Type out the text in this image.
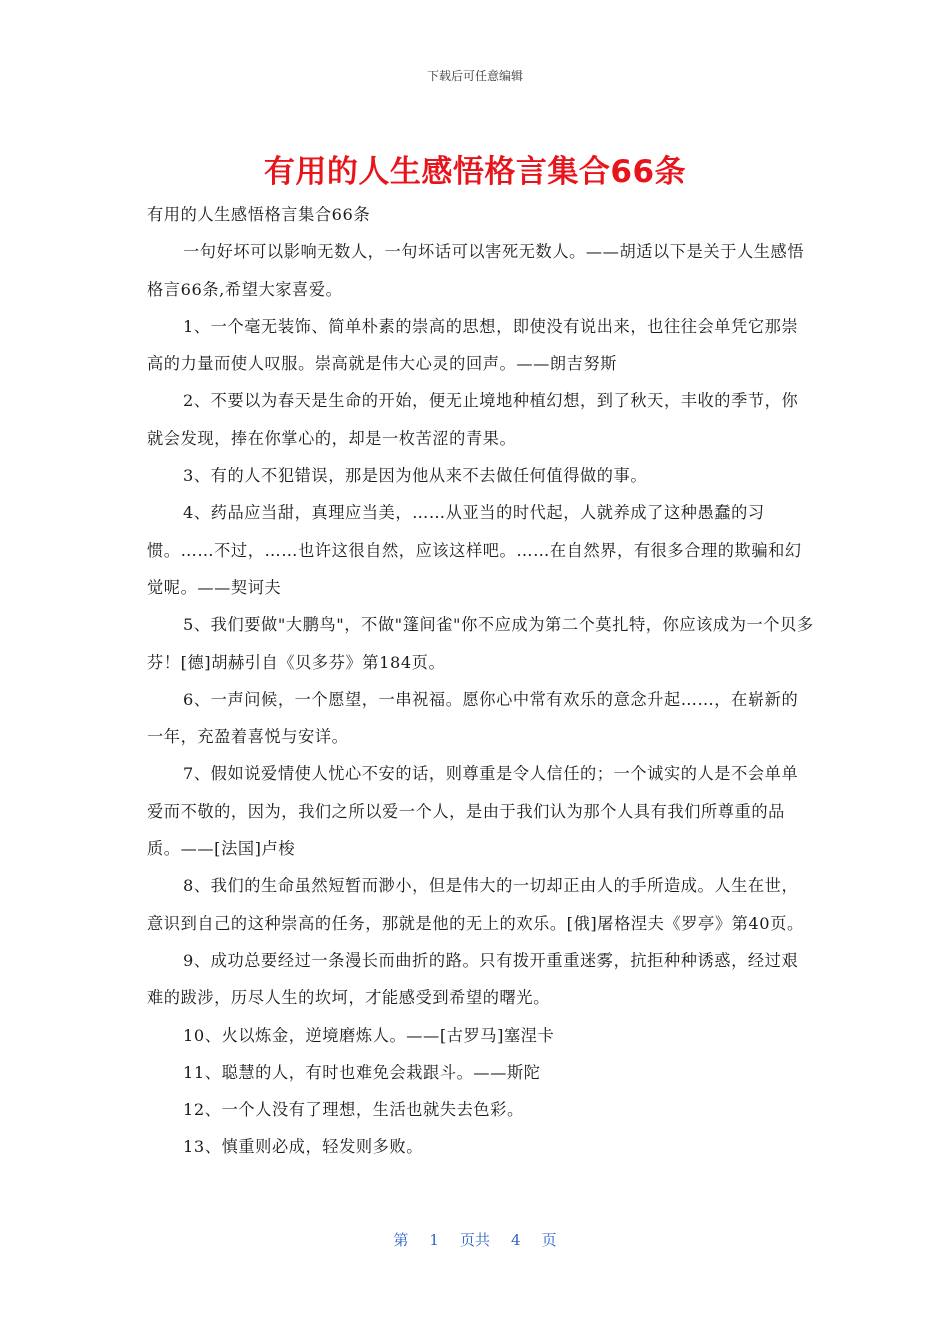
下载后可任意编辑
有用的人生感悟格言集合66条

有用的人生感悟格言集合66条

一句好坏可以影响无数人，一句坏话可以害死无数人。——胡适以下是关于人生感悟格言66条,希望大家喜爱。

1、一个毫无装饰、简单朴素的崇高的思想，即使没有说出来，也往往会单凭它那崇高的力量而使人叹服。崇高就是伟大心灵的回声。——朗吉努斯

2、不要以为春天是生命的开始，便无止境地种植幻想，到了秋天，丰收的季节，你就会发现，捧在你掌心的，却是一枚苦涩的青果。

3、有的人不犯错误，那是因为他从来不去做任何值得做的事。

4、药品应当甜，真理应当美，……从亚当的时代起，人就养成了这种愚蠢的习惯。……不过，……也许这很自然，应该这样吧。……在自然界，有很多合理的欺骗和幻觉呢。——契诃夫

5、我们要做"大鹏鸟"，不做"篷间雀"你不应成为第二个莫扎特，你应该成为一个贝多芬！[德]胡赫引自《贝多芬》第184页。

6、一声问候，一个愿望，一串祝福。愿你心中常有欢乐的意念升起……，在崭新的一年，充盈着喜悦与安详。

7、假如说爱情使人忧心不安的话，则尊重是令人信任的；一个诚实的人是不会单单爱而不敬的，因为，我们之所以爱一个人，是由于我们认为那个人具有我们所尊重的品质。——[法国]卢梭

8、我们的生命虽然短暂而渺小，但是伟大的一切却正由人的手所造成。人生在世，意识到自己的这种崇高的任务，那就是他的无上的欢乐。[俄]屠格涅夫《罗亭》第40页。

9、成功总要经过一条漫长而曲折的路。只有拨开重重迷雾，抗拒种种诱惑，经过艰难的跋涉，历尽人生的坎坷，才能感受到希望的曙光。

10、火以炼金，逆境磨炼人。——[古罗马]塞涅卡

11、聪慧的人，有时也难免会栽跟斗。——斯陀

12、一个人没有了理想，生活也就失去色彩。

13、慎重则必成，轻发则多败。

第 1 页共 4 页
